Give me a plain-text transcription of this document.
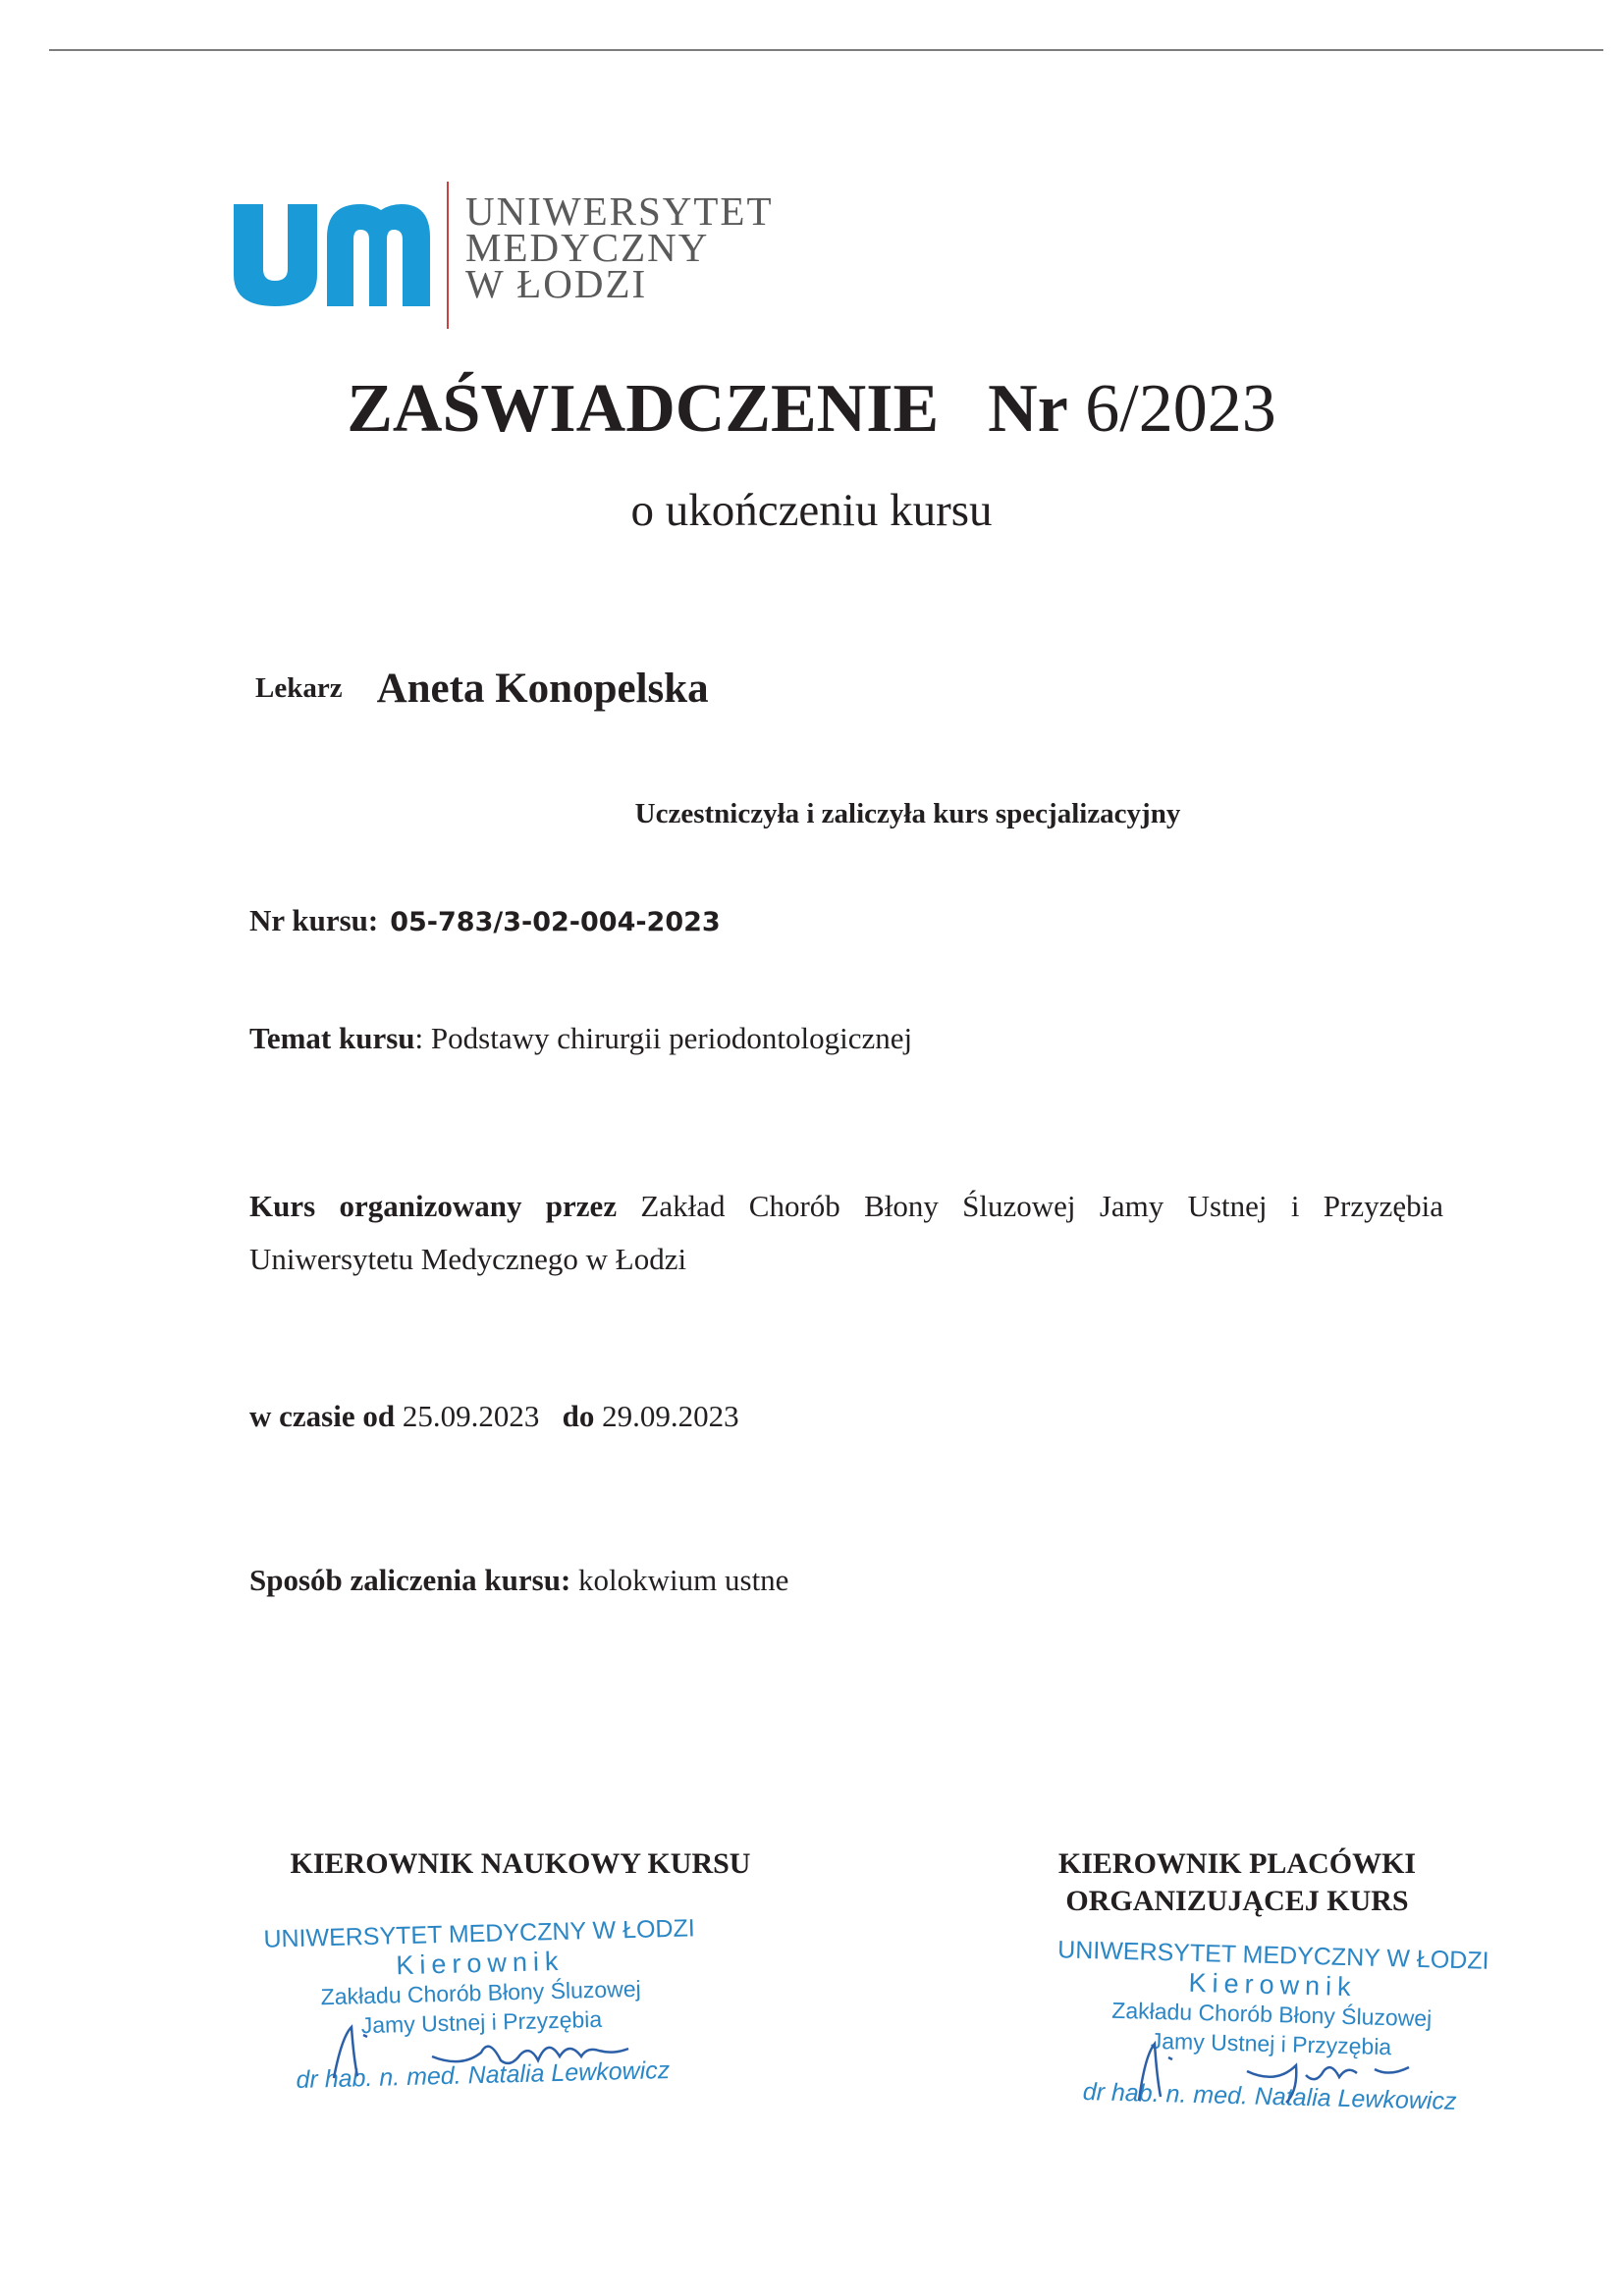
UNIWERSYTET
MEDYCZNY
W ŁODZI
ZAŚWIADCZENIE Nr 6/2023
o ukończeniu kursu
Lekarz Aneta Konopelska
Uczestniczyła i zaliczyła kurs specjalizacyjny
Nr kursu: 05-783/3-02-004-2023
Temat kursu: Podstawy chirurgii periodontologicznej
Kurs organizowany przez Zakład Chorób Błony Śluzowej Jamy Ustnej i Przyzębia Uniwersytetu Medycznego w Łodzi
w czasie od 25.09.2023 do 29.09.2023
Sposób zaliczenia kursu: kolokwium ustne
KIEROWNIK NAUKOWY KURSU	KIEROWNIK PLACÓWKI
ORGANIZUJĄCEJ KURS
UNIWERSYTET MEDYCZNY W ŁODZI
Kierownik
Zakładu Chorób Błony Śluzowej
Jamy Ustnej i Przyzębia
dr hab. n. med. Natalia Lewkowicz
UNIWERSYTET MEDYCZNY W ŁODZI
Kierownik
Zakładu Chorób Błony Śluzowej
Jamy Ustnej i Przyzębia
dr hab. n. med. Natalia Lewkowicz
